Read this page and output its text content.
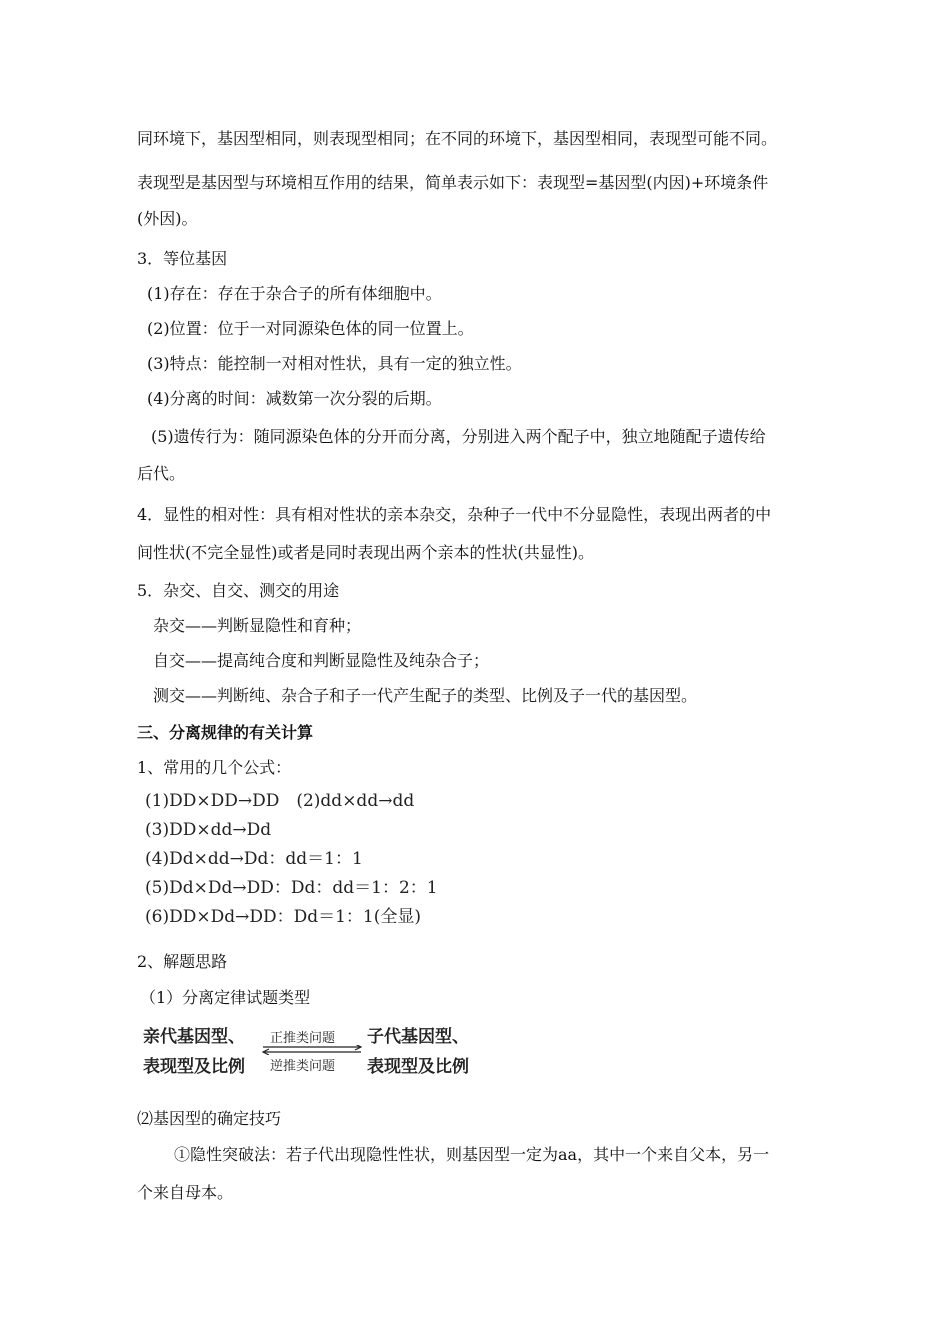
同环境下，基因型相同，则表现型相同；在不同的环境下，基因型相同，表现型可能不同。
表现型是基因型与环境相互作用的结果，简单表示如下：表现型=基因型(内因)+环境条件
(外因)。
3．等位基因
(1)存在：存在于杂合子的所有体细胞中。
(2)位置：位于一对同源染色体的同一位置上。
(3)特点：能控制一对相对性状，具有一定的独立性。
(4)分离的时间：减数第一次分裂的后期。
(5)遗传行为：随同源染色体的分开而分离，分别进入两个配子中，独立地随配子遗传给
后代。
4．显性的相对性：具有相对性状的亲本杂交，杂种子一代中不分显隐性，表现出两者的中
间性状(不完全显性)或者是同时表现出两个亲本的性状(共显性)。
5．杂交、自交、测交的用途
杂交——判断显隐性和育种；
自交——提高纯合度和判断显隐性及纯杂合子；
测交——判断纯、杂合子和子一代产生配子的类型、比例及子一代的基因型。
三、分离规律的有关计算
1、常用的几个公式：
(1)DD×DD→DD　(2)dd×dd→dd
(3)DD×dd→Dd
(4)Dd×dd→Dd：dd＝1：1
(5)Dd×Dd→DD：Dd：dd＝1：2：1
(6)DD×Dd→DD：Dd＝1：1(全显)
2、解题思路
（1）分离定律试题类型
亲代基因型、
表现型及比例
正推类问题
逆推类问题
子代基因型、
表现型及比例
⑵基因型的确定技巧
①隐性突破法：若子代出现隐性性状，则基因型一定为aa，其中一个来自父本，另一
个来自母本。
